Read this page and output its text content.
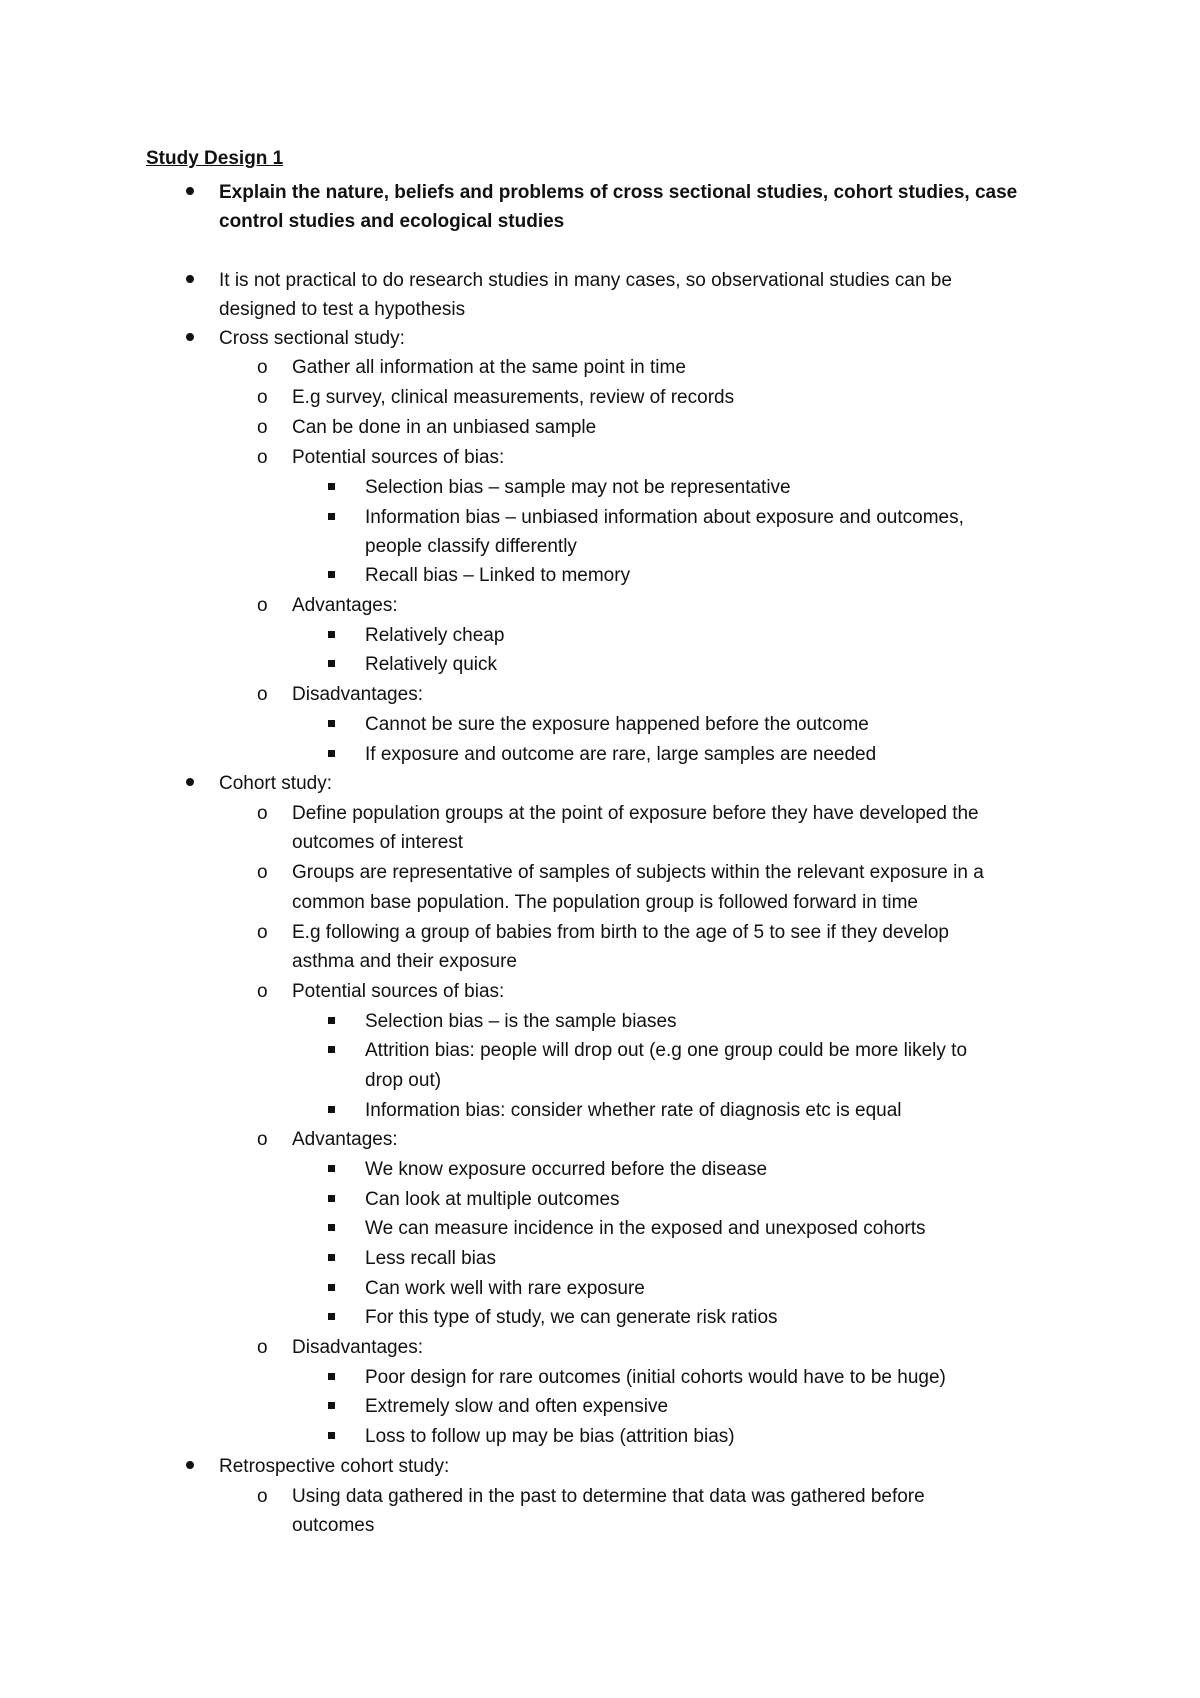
Study Design 1
Explain the nature, beliefs and problems of cross sectional studies, cohort studies, case
control studies and ecological studies
It is not practical to do research studies in many cases, so observational studies can be
designed to test a hypothesis
Cross sectional study:
o Gather all information at the same point in time
o E.g survey, clinical measurements, review of records
o Can be done in an unbiased sample
o Potential sources of bias:
Selection bias – sample may not be representative
Information bias – unbiased information about exposure and outcomes,
people classify differently
Recall bias – Linked to memory
o Advantages:
Relatively cheap
Relatively quick
o Disadvantages:
Cannot be sure the exposure happened before the outcome
If exposure and outcome are rare, large samples are needed
Cohort study:
o Define population groups at the point of exposure before they have developed the
outcomes of interest
o Groups are representative of samples of subjects within the relevant exposure in a
common base population. The population group is followed forward in time
o E.g following a group of babies from birth to the age of 5 to see if they develop
asthma and their exposure
o Potential sources of bias:
Selection bias – is the sample biases
Attrition bias: people will drop out (e.g one group could be more likely to
drop out)
Information bias: consider whether rate of diagnosis etc is equal
o Advantages:
We know exposure occurred before the disease
Can look at multiple outcomes
We can measure incidence in the exposed and unexposed cohorts
Less recall bias
Can work well with rare exposure
For this type of study, we can generate risk ratios
o Disadvantages:
Poor design for rare outcomes (initial cohorts would have to be huge)
Extremely slow and often expensive
Loss to follow up may be bias (attrition bias)
Retrospective cohort study:
o Using data gathered in the past to determine that data was gathered before
outcomes
